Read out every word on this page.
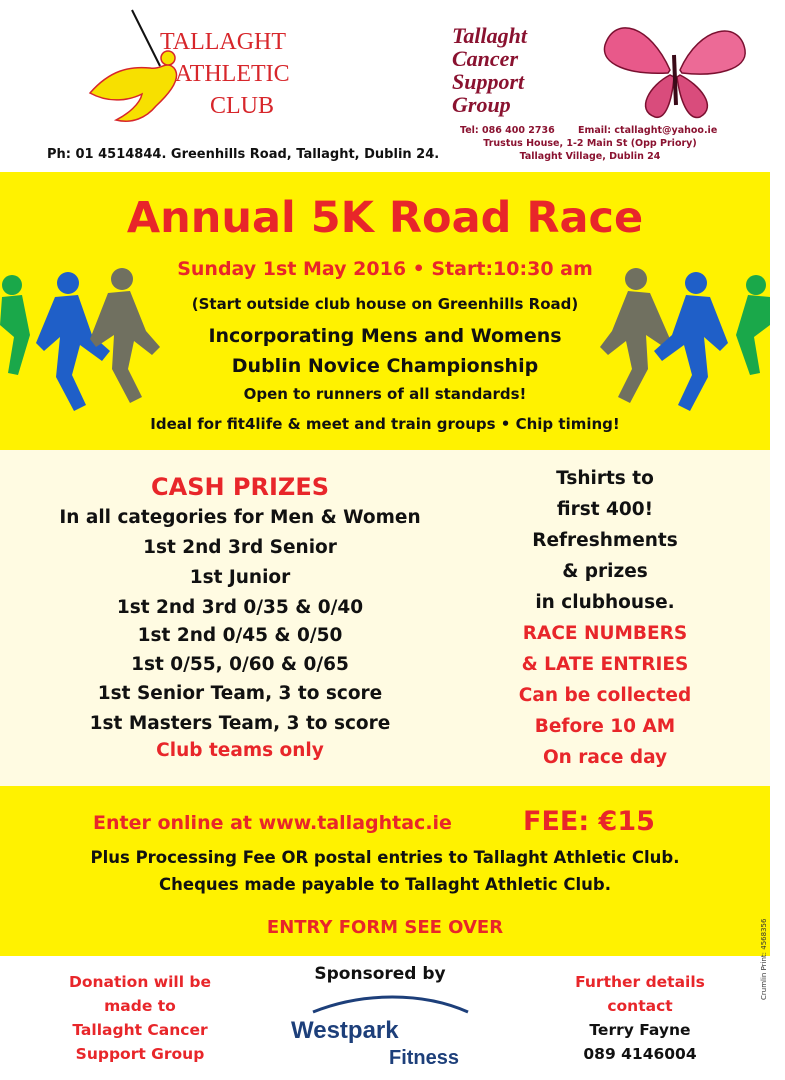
TALLAGHT
ATHLETIC
CLUB
Ph: 01 4514844. Greenhills Road, Tallaght, Dublin 24.
Tallaght
Cancer
Support
Group
Tel: 086 400 2736 Email: ctallaght@yahoo.ie
Trustus House, 1-2 Main St (Opp Priory)
Tallaght Village, Dublin 24
Annual 5K Road Race
Sunday 1st May 2016 • Start:10:30 am
(Start outside club house on Greenhills Road)
Incorporating Mens and Womens
Dublin Novice Championship
Open to runners of all standards!
Ideal for fit4life & meet and train groups • Chip timing!
CASH PRIZES
In all categories for Men & Women
1st 2nd 3rd Senior
1st Junior
1st 2nd 3rd 0/35 & 0/40
1st 2nd 0/45 & 0/50
1st 0/55, 0/60 & 0/65
1st Senior Team, 3 to score
1st Masters Team, 3 to score
Club teams only
Tshirts to
first 400!
Refreshments
& prizes
in clubhouse.
RACE NUMBERS
& LATE ENTRIES
Can be collected
Before 10 AM
On race day
Enter online at www.tallaghtac.ie	FEE: €15
Plus Processing Fee OR postal entries to Tallaght Athletic Club.
Cheques made payable to Tallaght Athletic Club.
ENTRY FORM SEE OVER
Donation will be
made to
Tallaght Cancer
Support Group
Sponsored by
Westpark
Fitness
Further details
contact
Terry Fayne
089 4146004
Crumlin Print: 4568356
